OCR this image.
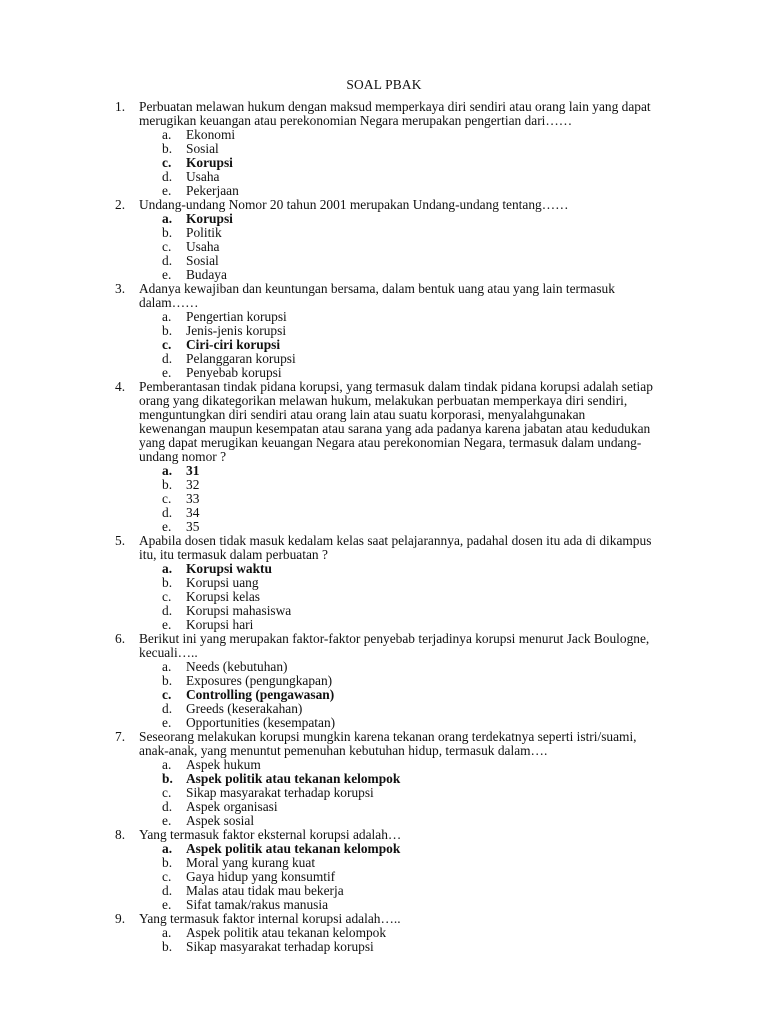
SOAL PBAK
1. Perbuatan melawan hukum dengan maksud memperkaya diri sendiri atau orang lain yang dapat merugikan keuangan atau perekonomian Negara merupakan pengertian dari……
a. Ekonomi
b. Sosial
c. Korupsi
d. Usaha
e. Pekerjaan
2. Undang-undang Nomor 20 tahun 2001 merupakan Undang-undang tentang……
a. Korupsi
b. Politik
c. Usaha
d. Sosial
e. Budaya
3. Adanya kewajiban dan keuntungan bersama, dalam bentuk uang atau yang lain termasuk dalam……
a. Pengertian korupsi
b. Jenis-jenis korupsi
c. Ciri-ciri korupsi
d. Pelanggaran korupsi
e. Penyebab korupsi
4. Pemberantasan tindak pidana korupsi, yang termasuk dalam tindak pidana korupsi adalah setiap orang yang dikategorikan melawan hukum, melakukan perbuatan memperkaya diri sendiri, menguntungkan diri sendiri atau orang lain atau suatu korporasi, menyalahgunakan kewenangan maupun kesempatan atau sarana yang ada padanya karena jabatan atau kedudukan yang dapat merugikan keuangan Negara atau perekonomian Negara, termasuk dalam undang-undang nomor ?
a. 31
b. 32
c. 33
d. 34
e. 35
5. Apabila dosen tidak masuk kedalam kelas saat pelajarannya, padahal dosen itu ada di dikampus itu, itu termasuk dalam perbuatan ?
a. Korupsi waktu
b. Korupsi uang
c. Korupsi kelas
d. Korupsi mahasiswa
e. Korupsi hari
6. Berikut ini yang merupakan faktor-faktor penyebab terjadinya korupsi menurut Jack Boulogne, kecuali…..
a. Needs (kebutuhan)
b. Exposures (pengungkapan)
c. Controlling (pengawasan)
d. Greeds (keserakahan)
e. Opportunities (kesempatan)
7. Seseorang melakukan korupsi mungkin karena tekanan orang terdekatnya seperti istri/suami, anak-anak, yang menuntut pemenuhan kebutuhan hidup, termasuk dalam….
a. Aspek hukum
b. Aspek politik atau tekanan kelompok
c. Sikap masyarakat terhadap korupsi
d. Aspek organisasi
e. Aspek sosial
8. Yang termasuk faktor eksternal korupsi adalah…
a. Aspek politik atau tekanan kelompok
b. Moral yang kurang kuat
c. Gaya hidup yang konsumtif
d. Malas atau tidak mau bekerja
e. Sifat tamak/rakus manusia
9. Yang termasuk faktor internal korupsi adalah…..
a. Aspek politik atau tekanan kelompok
b. Sikap masyarakat terhadap korupsi
